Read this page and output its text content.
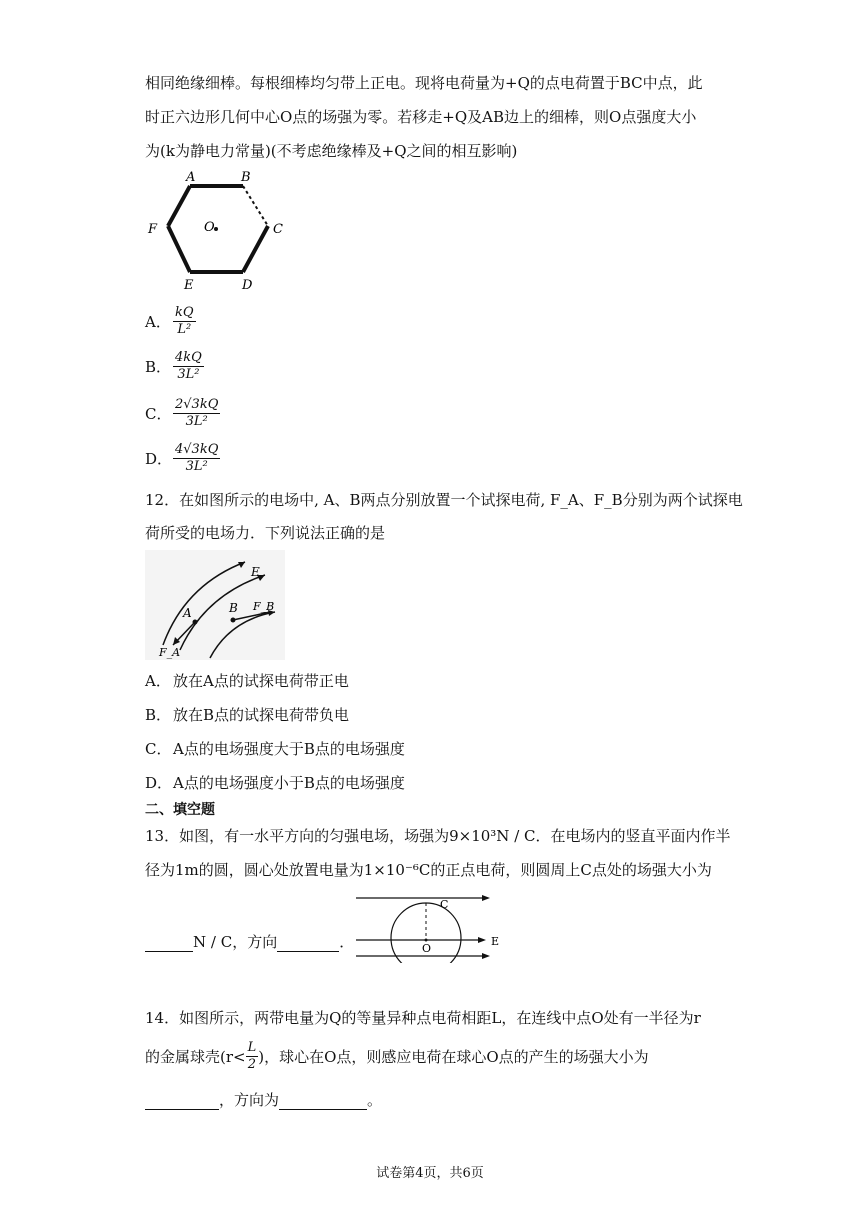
相同绝缘细棒。每根细棒均匀带上正电。现将电荷量为+Q的点电荷置于BC中点，此
时正六边形几何中心O点的场强为零。若移走+Q及AB边上的细棒，则O点强度大小
为(k为静电力常量)(不考虑绝缘棒及+Q之间的相互影响)
A	B
C
D
E
F	O
A． $\frac{kQ}{\text{L²}}$
B． $\frac{4kQ}{\text{3L²}}$
C． $\frac{2√3kQ}{\text{3L²}}$
D． $\frac{4√3kQ}{\text{3L²}}$
12．在如图所示的电场中, A、B两点分别放置一个试探电荷, F_A、F_B分别为两个试探电
荷所受的电场力．下列说法正确的是
E
A	B F_B
F_A
A． 放在A点的试探电荷带正电
B． 放在B点的试探电荷带负电
C． A点的电场强度大于B点的电场强度
D． A点的电场强度小于B点的电场强度
二、填空题
13．如图，有一水平方向的匀强电场，场强为9×10³N / C．在电场内的竖直平面内作半
径为1m的圆，圆心处放置电量为1×10⁻⁶C的正点电荷，则圆周上C点处的场强大小为
N / C，方向	．
C
O
E
14．如图所示，两带电量为Q的等量异种点电荷相距L，在连线中点O处有一半径为r
的金属球壳($r< \frac{L}{2}$ )，球心在O点，则感应电荷在球心O点的产生的场强大小为
，方向为	。
试卷第4页，共6页
